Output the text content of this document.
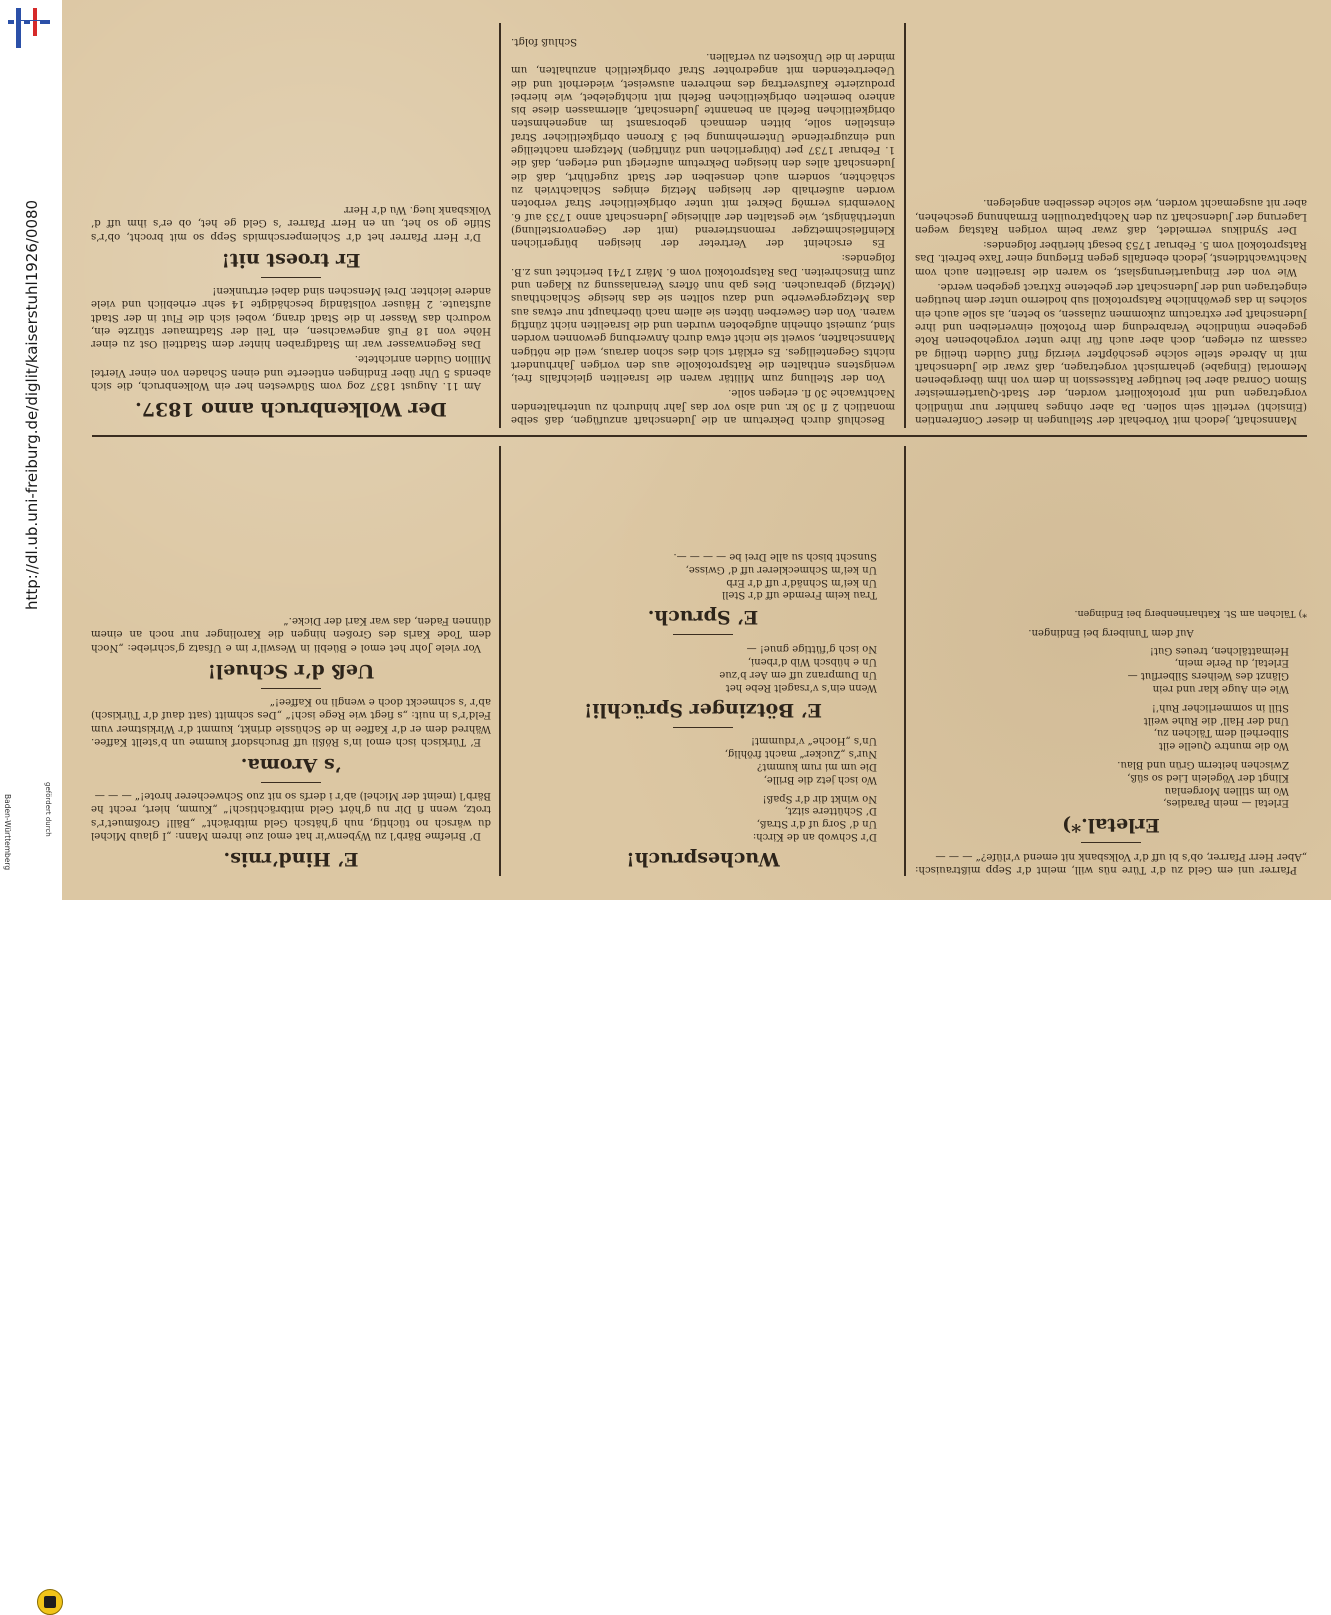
http://dl.ub.uni-freiburg.de/diglit/kaiserstuhl1926/0080
gefördert durch
Baden-Württemberg	Pfarrer uni em Geld zu d’r Türe nüs will, meint d’r Sepp mißtrauisch: „Aber Herr Pfarrer, ob’s bi uff d’r Volksbank nit emend v’rlüfe?“ — — —

Erletal.*)
Erletal — mein Paradies,
Wo im stillen Morgenlau
Klingt der Vögelein Lied so süß,
Zwischen heiterm Grün und Blau.
Wo die muntre Quelle eilt
Silberhell dem Tälchen zu,
Und der Hall’ die Ruhe weilt
Still in sommerlicher Ruh’!
Wie ein Auge klar und rein
Glänzt des Weihers Silberflut —
Erletal, du Perle mein,
Heimattälchen, treues Gut!
Auf dem Tuniberg bei Endingen.
*) Tälchen am St. Katharinenberg bei Endingen.
Wuchespruch!
D’r Schwob an de Kirch:
Un d’ Sorg uf d’r Straß,
D’ Schüttere sitzt,
No winkt dir d’r Spaß!
Wo isch jetz die Brille,
Die um mi rum kummt?
Nur’s „Zucker“ macht fröhlig,
Un’s „Hoche“ v’rdummt!
E’ Bötzinger Sprüchli!
Wenn ein’s v’rsagelt Rebe het
Un Dumpranz uff em Aer b’zue
Un e hübsch Wib d’rbeni,
No isch g’füttige gnue! —
E’ Spruch.
Trau keim Fremde uff d’r Stell
Un kei’m Schnäd’r uff d’r Erb
Un kei’m Schmecklerer uff d’ Gwisse,
Sunscht bisch su alle Drei be — — — —.
E’ Hind’rnis.

D’ Briefme Bärb’l zu Wybenw’ir hat emol zue ihrem Mann: „I glaub Michel du wärsch no tüchtig, nuh g’hätsch Geld mitbrächt“ „Bäll! Großmuet’r’s trotz, wenn fi Dir nu g’hört Geld mitbrächtisch!“ „Kumm, hiert, recht he Bärb’l (meint der Michel) ab’r i derfs so nit zuo Schwecherer hrote!“ — — —

’s Aroma.

E’ Türkisch isch emol in’s Rößli uff Bruchsdorf kumme un b’stellt Kaffee. Währed dem er d’r Kaffee in de Schüssle drinkt, kummt d’r Wirkistmer vum Feld’r’s in nuit: „s fiegt wie Rege isch!“ „Des schmitt (satt dauf d’r Türkisch) ab’r ’s schmeckt doch e wengli no Kaffee!“

Ueß d’r Schuel!

Vor viele Johr het emol e Büebli in Weswil’r im e Ufsatz g’schriebe: „Noch dem Tode Karls des Großen hingen die Karolinger nur noch an einem dünnen Faden, das war Karl der Dicke.“

Mannschaft, jedoch mit Vorbehalt der Stellungen in dieser Conferentien (Einsicht) verteilt sein sollen. Da aber ohnges hamhier nur mündlich vorgetragen und mit protokolliert worden, der Stadt-Quartiermeister Simon Conrad aber bei heutiger Ratssession in dem von ihm übergebenen Memorial (Eingabe) geharnischt vorgetragen, daß zwar die Judenschaft mit in Abrede stelle solche geschöpfter vierzig fünf Gulden theilig ad cassam zu erlegen, doch aber auch für ihre unter vorgehobenen Rote gegebene mündliche Verabredung dem Protokoll einverleiben und ihre Judenschaft per extractum zukommen zulassen, so beten, als solle auch ein solches in das gewöhnliche Ratsprotokoll sub hodierno unter dem heutigen eingetragen und der Judenschaft der gebetene Extract gegeben werde.

Wie von der Einquartierungslast, so waren die Israeliten auch vom Nachtwachtdienst, jedoch ebenfalls gegen Erlegung einer Taxe befreit. Das Ratsprotokoll vom 5. Februar 1753 besagt hierüber folgendes:

Der Syndikus vermeldet, daß zwar beim vorigen Ratstag wegen Lagerung der Judenschaft zu den Nachtpatrouillen Ermahnung geschehen, aber nit ausgemacht worden, wie solche desselben angelegen.

Beschluß durch Dekretum an die Judenschaft anzufügen, daß selbe monatlich 2 fl 30 kr. und also vor das Jahr hindurch zu unterhaltenden Nachtwache 30 fl. erlegen solle.

Von der Stellung zum Militär waren die Israeliten gleichfalls frei, wenigstens enthalten die Ratsprotokolle aus den vorigen Jahrhundert nichts Gegenteiliges. Es erklärt sich dies schon daraus, weil die nötigen Mannschaften, soweit sie nicht etwa durch Anwerbung gewonnen worden sind, zumeist ohnehin aufgeboten wurden und die Israeliten nicht zünftig waren. Von den Gewerben übten sie allem nach überhaupt nur etwas aus das Metzgergewerbe und dazu sollten sie das hiesige Schlachthaus (Metzig) gebrauchen. Dies gab nun öfters Veranlassung zu Klagen und zum Einschreiten. Das Ratsprotokoll vom 6. März 1741 berichtet uns z.B. folgendes:

Es erscheint der Vertreter der hiesigen bürgerlichen Kleinfleischmetzger remonstrierend (mit der Gegenvorstellung) unterthänigst, wie gestalten der allhiesige Judenschaft anno 1733 auf 6. Novembris vermög Dekret mit unter obrigkeitlicher Straf verboten worden außerhalb der hiesigen Metzig einiges Schlachtvieh zu schächten, sondern auch denselben der Stadt zugeführt, daß die Judenschaft alles den hiesigen Dekretum auferlegt und erlegen, daß die 1. Februar 1737 per (bürgerlichen und zünftigen) Metzgern nachteilige und einzugreifende Unternehmung bei 3 Kronen obrigkeitlicher Straf einstellen solle, bitten demnach geborsamst im angenehmsten obrigkeitlichen Befehl an benannte Judenschaft, allermassen diese bis anhero bemelten obrigkeitlichen Befehl mit nichtgelebet, wie hierbei produzierte Kaufsvertrag des mehreren ausweiset, wiederholt und die Uebertretenden mit angedrohter Straf obrigkeitlich anzuhalten, um minder in die Unkosten zu verfallen.

Schluß folgt.

Der Wolkenbruch anno 1837.

Am 11. August 1837 zog vom Südwesten her ein Wolkenbruch, die sich abends 5 Uhr über Endingen entleerte und einen Schaden von einer Viertel Million Gulden anrichtete.

Das Regenwasser war im Stadtgraben hinter dem Stadtteil Ost zu einer Höhe von 18 Fuß angewachsen, ein Teil der Stadtmauer stürzte ein, wodurch das Wasser in die Stadt drang, wobei sich die Flut in der Stadt aufstaute. 2 Häuser vollständig beschädigte 14 sehr erheblich und viele andere leichter. Drei Menschen sind dabei ertrunken!

Er troest nit!

D’r Herr Pfarrer het d’r Schlemperschmids Sepp so mit brocht, ob’r’s Stifle go so het, un en Herr Pfarrer ’s Geld ge het, ob er’s ihm uff d’ Volksbank lueg. Wu d’r Herr
